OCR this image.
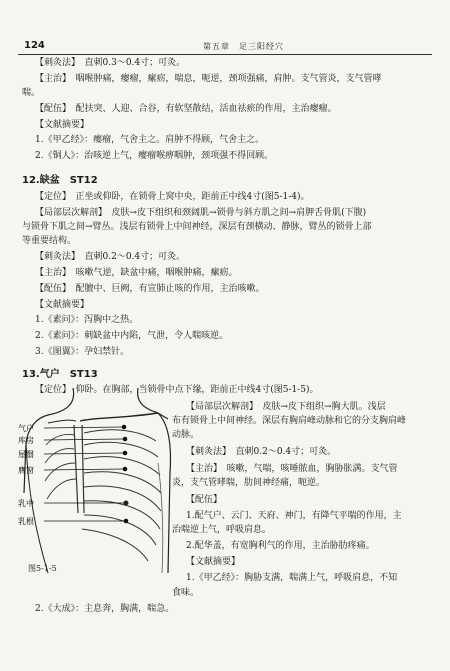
124	第五章　足三阳经穴
【刺灸法】　直刺0.3～0.4寸；可灸。
【主治】　咽喉肿痛，瘿瘤，瘰疬，喘息，呃逆，颈项强痛，肩肿。支气管炎，支气管哮
喘。
【配伍】　配扶突、人迎、合谷，有软坚散结，活血祛瘀的作用，主治瘿瘤。
【文献摘要】
1.《甲乙经》：瘿瘤，气舍主之。肩肿不得顾，气舍主之。
2.《铜人》：治咳逆上气，瘿瘤喉痹咽肿，颈项强不得回顾。
12.缺盆　ST12
【定位】　正坐或仰卧，在锁骨上窝中央，距前正中线4寸(图5-1-4)。
【局部层次解剖】　皮肤→皮下组织和颈阔肌→锁骨与斜方肌之间→肩胛舌骨肌(下腹)
与锁骨下肌之间→臂丛。浅层有锁骨上中间神经，深层有颈横动、静脉，臂丛的锁骨上部
等重要结构。
【刺灸法】　直刺0.2～0.4寸；可灸。
【主治】　咳嗽气逆，缺盆中痛，咽喉肿痛，瘰疬。
【配伍】　配膻中、巨阙，有宣肺止咳的作用，主治咳嗽。
【文献摘要】
1.《素问》：泻胸中之热。
2.《素问》：刺缺盆中内陷，气泄，令人喘咳逆。
3.《图翼》：孕妇禁针。
13.气户　ST13
【定位】　仰卧。在胸部，当锁骨中点下缘，距前正中线4寸(图5-1-5)。
【局部层次解剖】　皮肤→皮下组织→胸大肌。浅层
布有锁骨上中间神经。深层有胸肩峰动脉和它的分支胸肩峰
动脉。
【刺灸法】　直刺0.2～0.4寸；可灸。
【主治】　咳嗽，气喘，咳唾脓血，胸胁胀满。支气管
炎，支气管哮喘，肋间神经痛，呃逆。
【配伍】
1.配气户、云门、天府、神门，有降气平喘的作用，主
治喘逆上气，呼吸肩息。
2.配华盖，有宽胸利气的作用，主治胁肋疼痛。
【文献摘要】
1.《甲乙经》：胸胁支满，喘满上气，呼吸肩息，不知
食味。
2.《大成》：主息奔，胸满，喘急。
气户
库房
屋翳
膺窗
乳中
乳根
图5-1-5
